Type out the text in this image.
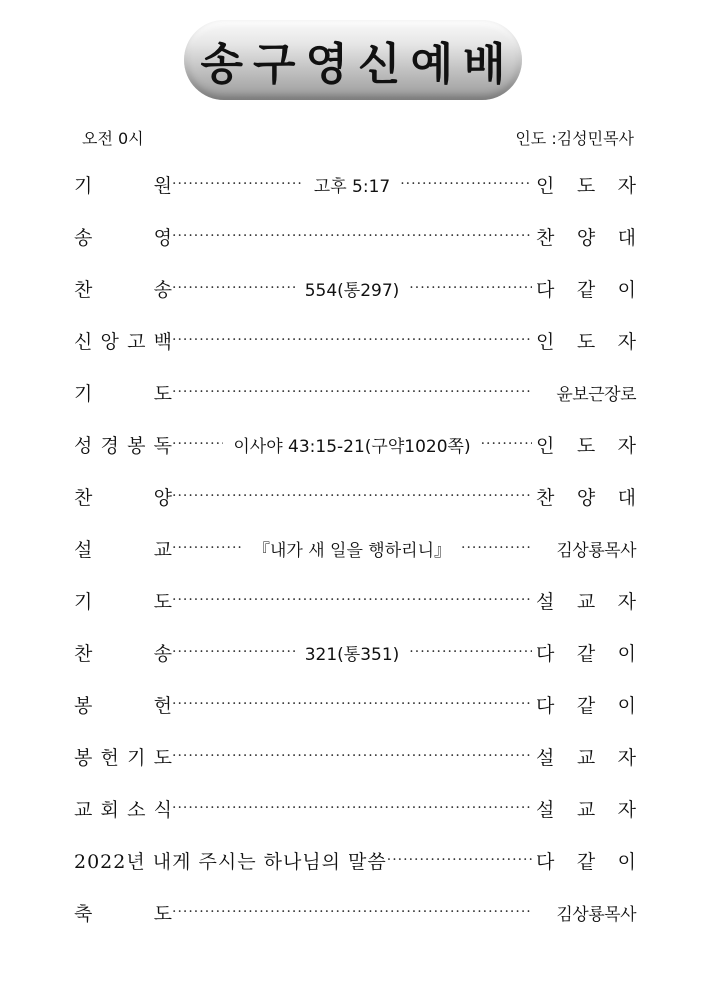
송구영신예배
오전 0시	인도 :김성민목사
기	원 ·····	고후 5:17 ·····	인 도 자
송	영 ·····	찬 양 대
찬	송 ·····	554(통297) ·····	다 같 이
신 앙 고 백 ·····	인 도 자
기	도 ·····	윤보근장로
성 경 봉 독 ·····	이사야 43:15-21(구약1020쪽) ·····	인 도 자
찬	양 ·····	찬 양 대
설	교 ·····	『내가 새 일을 행하리니』 ·····	김상룡목사
기	도 ·····	설 교 자
찬	송 ·····	321(통351) ·····	다 같 이
봉	헌 ·····	다 같 이
봉 헌 기 도 ·····	설 교 자
교 회 소 식 ·····	설 교 자
2022년 내게 주시는 하나님의 말씀 ·····	다 같 이
축	도 ·····	김상룡목사
